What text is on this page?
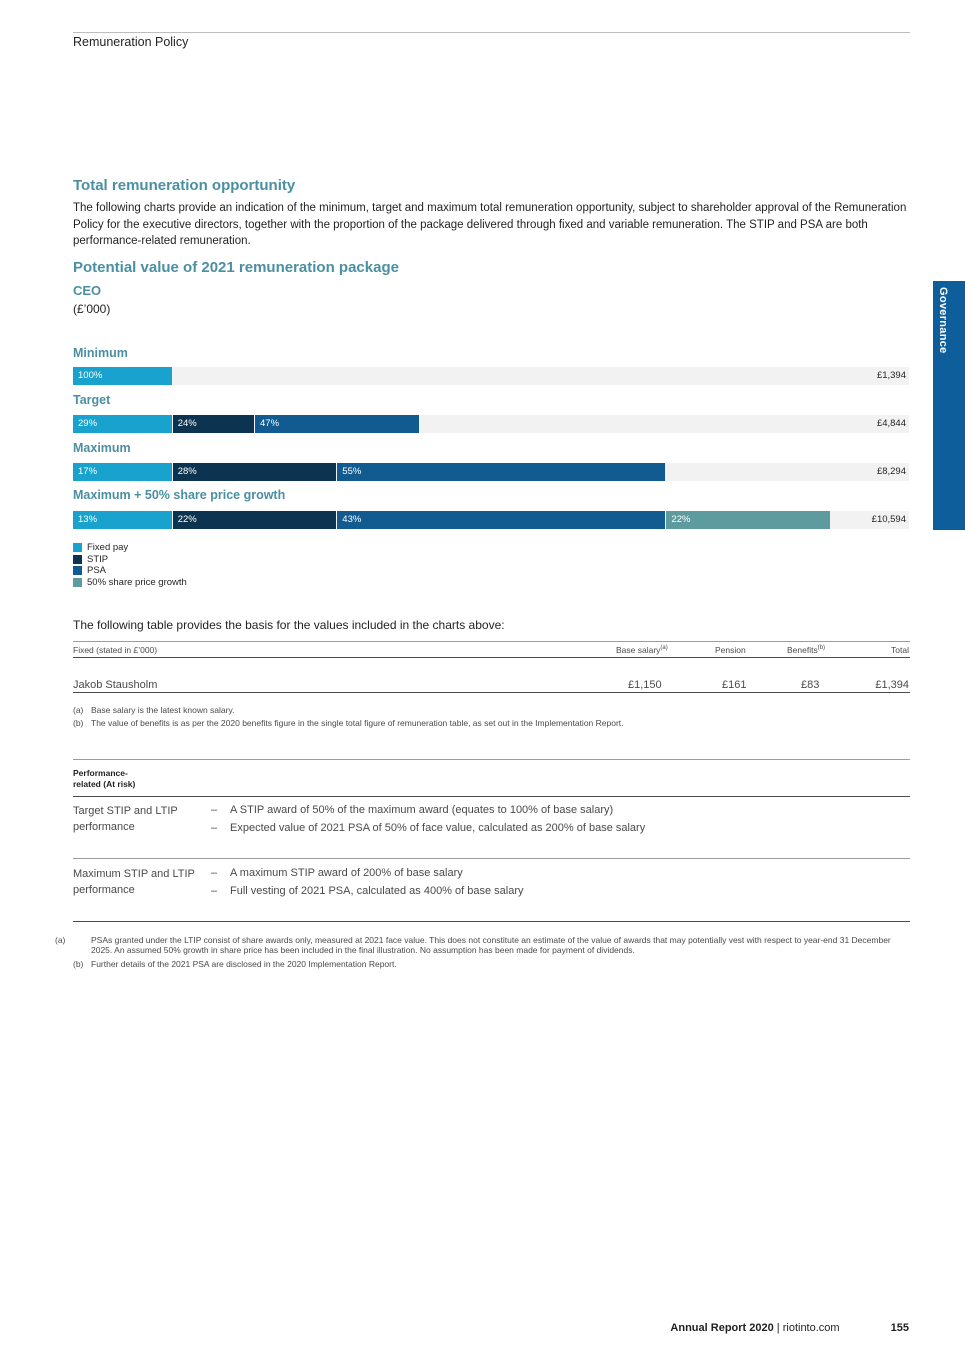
Remuneration Policy
Governance
Total remuneration opportunity
The following charts provide an indication of the minimum, target and maximum total remuneration opportunity, subject to shareholder approval of the Remuneration Policy for the executive directors, together with the proportion of the package delivered through fixed and variable remuneration. The STIP and PSA are both performance-related remuneration.
Potential value of 2021 remuneration package
CEO
(£’000)
Minimum
100%	£1,394
Target
29%	24%	47%	£4,844
Maximum
17%	28%	55%	£8,294
Maximum + 50% share price growth
13%	22%	43%	22%	£10,594
Fixed pay
STIP
PSA
50% share price growth
The following table provides the basis for the values included in the charts above:
Fixed (stated in £’000)	Base salary$^{(a)}$	Pension	Benefits$^{(b)}$	Total
Jakob Stausholm	£1,150	£161	£83	£1,394
(a) Base salary is the latest known salary.
(b) The value of benefits is as per the 2020 benefits figure in the single total figure of remuneration table, as set out in the Implementation Report.
Performance-
related (At risk)
Target STIP and LTIP performance
– A STIP award of 50% of the maximum award (equates to 100% of base salary)
– Expected value of 2021 PSA of 50% of face value, calculated as 200% of base salary
Maximum STIP and LTIP performance
– A maximum STIP award of 200% of base salary
– Full vesting of 2021 PSA, calculated as 400% of base salary
(a)	PSAs granted under the LTIP consist of share awards only, measured at 2021 face value. This does not constitute an estimate of the value of awards that may potentially vest with respect to year-end 31 December 2025. An assumed 50% growth in share price has been included in the final illustration. No assumption has been made for payment of dividends.
(b) Further details of the 2021 PSA are disclosed in the 2020 Implementation Report.
Annual Report 2020 | riotinto.com	155
